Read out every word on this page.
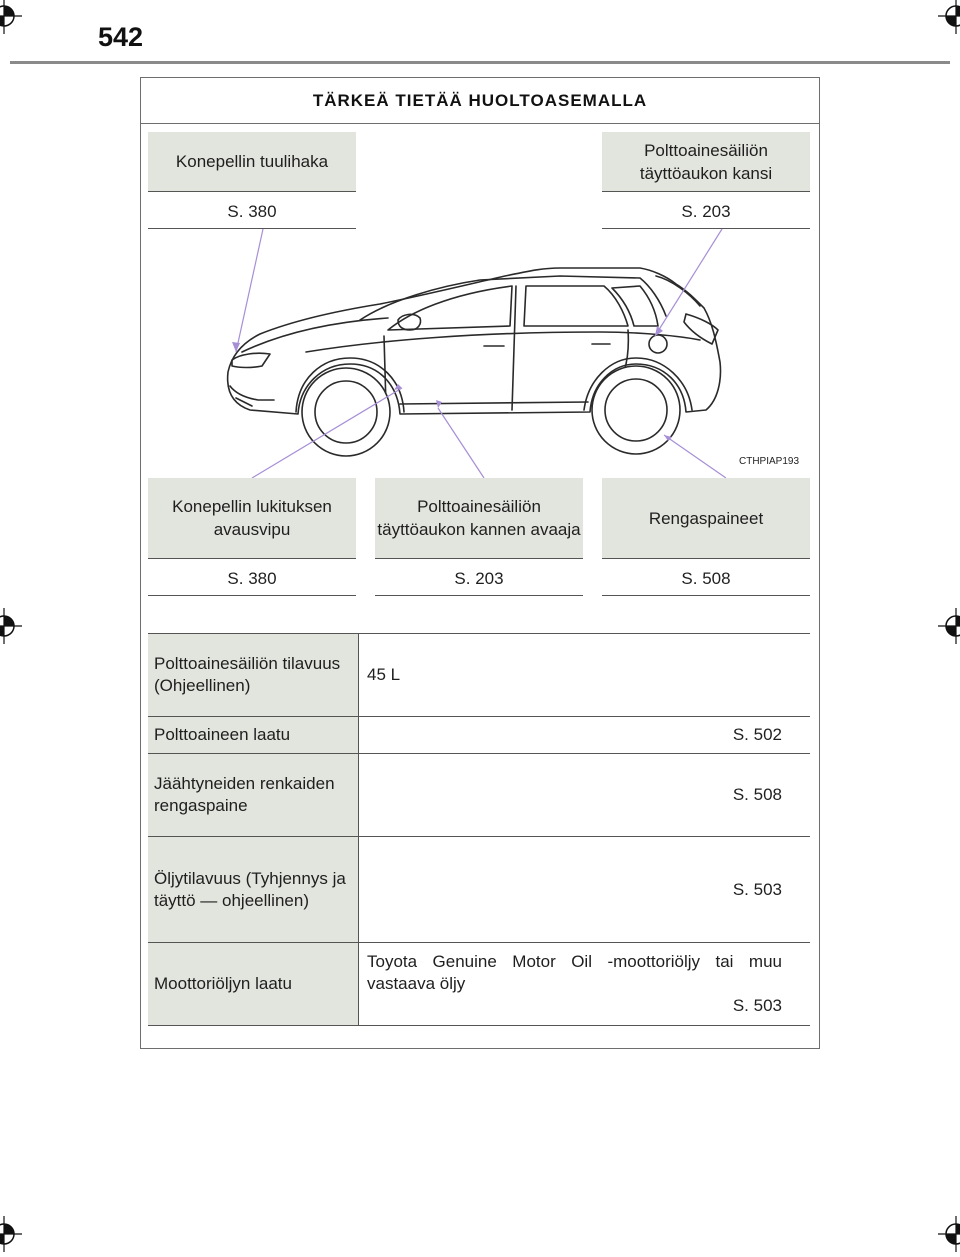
542
TÄRKEÄ TIETÄÄ HUOLTOASEMALLA
CTHPIAP193
Konepellin tuulihaka
S. 380
Polttoainesäiliön täyttöaukon kansi
S. 203
Konepellin lukituksen avausvipu
S. 380
Polttoainesäiliön täyttöaukon kannen avaaja
S. 203
Rengaspaineet
S. 508
Polttoainesäiliön tilavuus (Ohjeellinen)	45 L
Polttoaineen laatu	S. 502

Jäähtyneiden renkaiden rengaspaine	S. 508

Öljytilavuus (Tyhjennys ja täyttö — ohjeellinen)	S. 503

Moottoriöljyn laatu	Toyota Genuine Motor Oil -moottoriöljy tai muu vastaava öljy
S. 503
